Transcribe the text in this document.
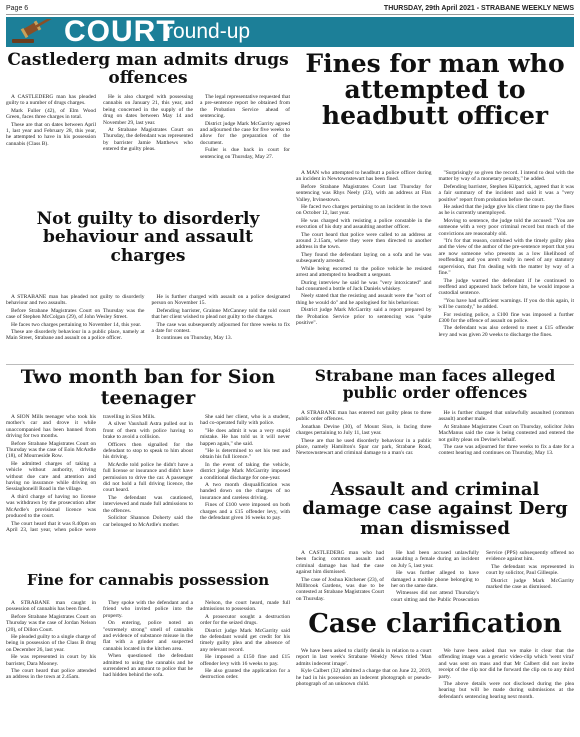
Page 6	THURSDAY, 29th April 2021 - STRABANE WEEKLY NEWS
COURT
round-up
Castlederg man admits drugs offences

A CASTLEDERG man has pleaded guilty to a number of drugs charges.

Mark Fuller (42), of Elm Wood Green, faces three charges in total.

These are that on dates between April 1, last year and February 28, this year, he attempted to have in his possession cannabis (Class B).

He is also charged with possessing cannabis on January 21, this year, and being concerned in the supply of the drug on dates between May 14 and November 29, last year.

At Strabane Magistrates Court on Thursday, the defendant was represented by barrister Jamie Matthews who entered the guilty pleas.

The legal representative requested that a pre-sentence report be obtained from the Probation Service ahead of sentencing.

District judge Mark McGarrity agreed and adjourned the case for five weeks to allow for the preparation of the document.

Fuller is due back in court for sentencing on Thursday, May 27.

Not guilty to disorderly behaviour and assault charges

A STRABANE man has pleaded not guilty to disorderly behaviour and two assaults.

Before Strabane Magistrates Court on Thursday was the case of Stephen McColgan (29), of John Wesley Street.

He faces two charges pertaining to November 14, this year.

These are disorderly behaviour in a public place, namely at Main Street, Strabane and assault on a police officer.

He is further charged with assault on a police designated person on November 15.

Defending barrister, Grainne McCanney told the told court that her client wished to plead not guilty to the charges.

The case was subsequently adjourned for three weeks to fix a date for contest.

It continues on Thursday, May 13.

Fines for man who attempted to headbutt officer

A MAN who attempted to headbutt a police officer during an incident in Newtownstewart has been fined.

Before Strabane Magistrates Court last Thursday for sentencing was Rhys Neely (23), with an address at Flax Valley, Irvinestown.

He faced two charges pertaining to an incident in the town on October 12, last year.

He was charged with resisting a police constable in the execution of his duty and assaulting another officer.

The court heard that police were called to an address at around 2.15am, where they were then directed to another address in the town.

They found the defendant laying on a sofa and he was subsequently arrested.

While being escorted to the police vehicle he resisted arrest and attempted to headbutt a sergeant.

During interview he said he was "very intoxicated" and had consumed a bottle of Jack Daniels whiskey.

Neely stated that the resisting and assault were the "sort of thing he would do" and he apologised for his behaviour.

District judge Mark McGarrity said a report prepared by the Probation Service prior to sentencing was "quite positive".

"Surprisingly so given the record. I intend to deal with the matter by way of a monetary penalty," he added.

Defending barrister, Stephen Kilpatrick, agreed that it was a fair summary of the incident and said it was a "very positive" report from probation before the court.

He asked that the judge give his client time to pay the fines as he is currently unemployed.

Moving to sentence, the judge told the accused: "You are someone with a very poor criminal record but much of the convictions are reasonably old.

"It's for that reason, combined with the timely guilty plea and the view of the author of the pre-sentence report that you are now someone who presents as a low likelihood of reoffending and you aren't really in need of any statutory supervision, that I'm dealing with the matter by way of a fine."

The judge warned the defendant if he continued to reoffend and appeared back before him, he would impose a custodial sentence.

"You have had sufficient warnings. If you do this again, it will be custody," he added.

For resisting police, a £100 fine was imposed a further £300 for the offence of assault on police.

The defendant was also ordered to meet a £15 offender levy and was given 20 weeks to discharge the fines.

Two month ban for Sion teenager

A SION Mills teenager who took his mother's car and drove it while unaccompanied has been banned from driving for two months.

Before Strabane Magistrates Court on Thursday was the case of Eoin McArdle (18), of Mourneside Row.

He admitted charges of taking a vehicle without authority, driving without due care and attention and having no insurance while driving on Sessiaghoneill Road in the village.

A third charge of having no license was withdrawn by the prosecution after McArdle's provisional licence was produced to the court.

The court heard that it was 8.40pm on April 23, last year, when police were travelling in Sion Mills.

A silver Vauxhall Astra pulled out in front of them with police having to brake to avoid a collision.

Officers then signalled for the defendant to stop to speak to him about his driving.

McArdle told police he didn't have a full license or insurance and didn't have permission to drive the car. A passenger did not hold a full driving licence, the court heard.

The defendant was cautioned, interviewed and made full admissions to the offences.

Solicitor Shannon Doherty said the car belonged to McArdle's mother.

She said her client, who is a student, had co-operated fully with police.

"He does admit it was a very stupid mistake. He has told us it will never happen again," she said.

"He is determined to set his test and obtain his full licence."

In the event of taking the vehicle, district judge Mark McGarrity imposed a conditional discharge for one-year.

A two month disqualification was handed down on the charges of no insurance and careless driving.

Fines of £100 were imposed on both charges and a £15 offender levy, with the defendant given 16 weeks to pay.

Strabane man faces alleged public order offences

A STRABANE man has entered not guilty pleas to three public order offences.

Jonathan Devine (30), of Mount Sion, is facing three charges pertaining to July 11, last year.

These are that he used disorderly behaviour in a public place, namely Hamilton's Spar car park, Strabane Road, Newtownstewart and criminal damage to a man's car.

He is further charged that unlawfully assaulted (common assault) another male.

At Strabane Magistrates Court on Thursday, solicitor John MacManus said the case is being contested and entered the not guilty pleas on Devine's behalf.

The case was adjourned for three weeks to fix a date for a contest hearing and continues on Thursday, May 13.

Assault and criminal damage case against Derg man dismissed

A CASTLEDERG man who had been facing common assault and criminal damage has had the case against him dismissed.

The case of Joshua Kitchener (23), of Millbrook Gardens, was due to be contested at Strabane Magistrates Court on Thursday.

He had been accused unlawfully assaulting a female during an incident on July 5, last year.

He was further alleged to have damaged a mobile phone belonging to her on the same date.

Witnesses did not attend Thursday's court sitting and the Public Prosecution Service (PPS) subsequently offered no evidence against him.

The defendant was represented in court by solicitor, Paul Gillespie.

District judge Mark McGarrity marked the case as dismissed.

Fine for cannabis possession

A STRABANE man caught in possession of cannabis has been fined.

Before Strabane Magistrates Court on Thursday was the case of Jordan Nelson (20), of Dillon Court.

He pleaded guilty to a single charge of being in possession of the Class B drug on December 26, last year.

He was represented in court by his barrister, Dara Mooney.

The court heard that police attended an address in the town at 2.45am.

They spoke with the defendant and a friend who invited police into the property.

On entering, police noted an "extremely strong" smell of cannabis and evidence of substance misuse in the flat with a grinder and suspected cannabis located in the kitchen area.

When questioned the defendant admitted to using the cannabis and he surrendered an amount to police that he had hidden behind the sofa.

Nelson, the court heard, made full admissions to possession.

A prosecutor sought a destruction order for the seized drugs.

District judge Mark McGarrity said the defendant would get credit for his timely guilty plea and the absence of any relevant record.

He imposed a £150 fine and £15 offender levy with 16 weeks to pay.

He also granted the application for a destruction order.

Case clarification

We have been asked to clarify details in relation to a court report in last week's Strabane Weekly News titled 'Man admits indecent image'.

Kyle Calbert (32) admitted a charge that on June 22, 2019, he had in his possession an indecent photograph or pseudo-photograph of an unknown child.

We have been asked that we make it clear that the offending image was a generic video-clip which 'went viral' and was sent on mass and that Mr Calbert did not invite receipt of the clip nor did he forward the clip on to any third party.

The above details were not disclosed during the plea hearing but will be made during submissions at the defendant's sentencing hearing next month.
